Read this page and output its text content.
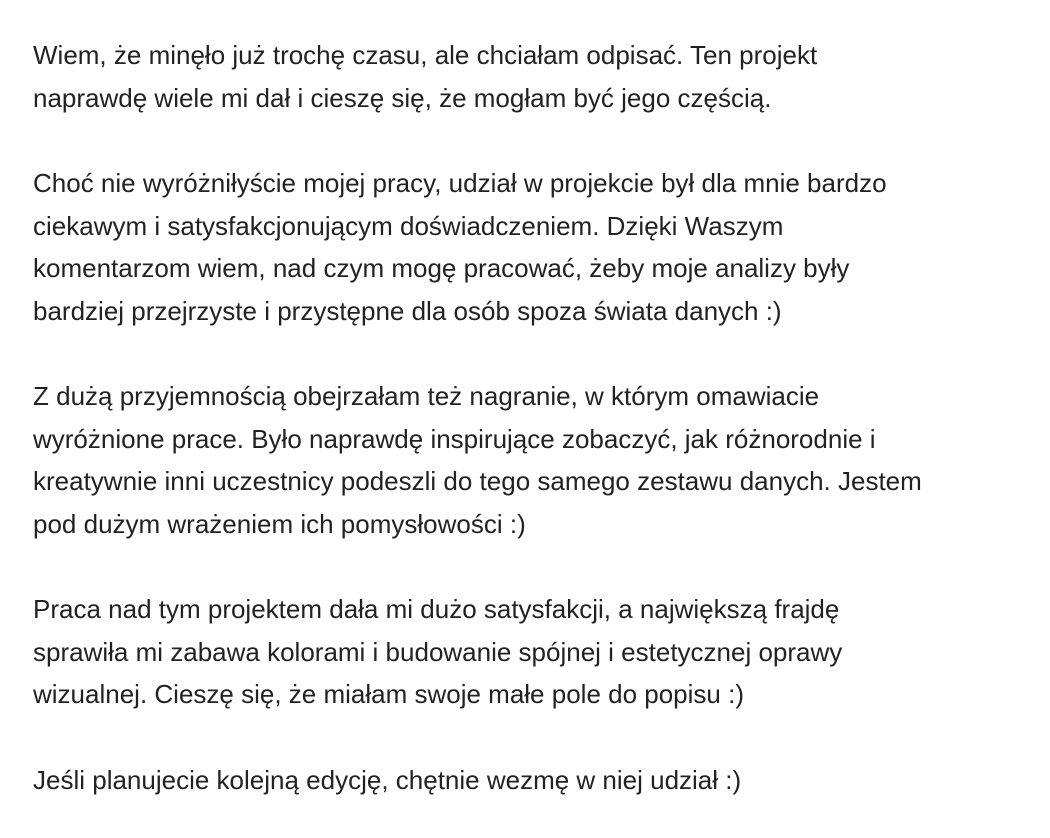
Wiem, że minęło już trochę czasu, ale chciałam odpisać. Ten projekt
naprawdę wiele mi dał i cieszę się, że mogłam być jego częścią.

Choć nie wyróżniłyście mojej pracy, udział w projekcie był dla mnie bardzo
ciekawym i satysfakcjonującym doświadczeniem. Dzięki Waszym
komentarzom wiem, nad czym mogę pracować, żeby moje analizy były
bardziej przejrzyste i przystępne dla osób spoza świata danych :)

Z dużą przyjemnością obejrzałam też nagranie, w którym omawiacie
wyróżnione prace. Było naprawdę inspirujące zobaczyć, jak różnorodnie i
kreatywnie inni uczestnicy podeszli do tego samego zestawu danych. Jestem
pod dużym wrażeniem ich pomysłowości :)

Praca nad tym projektem dała mi dużo satysfakcji, a największą frajdę
sprawiła mi zabawa kolorami i budowanie spójnej i estetycznej oprawy
wizualnej. Cieszę się, że miałam swoje małe pole do popisu :)

Jeśli planujecie kolejną edycję, chętnie wezmę w niej udział :)
